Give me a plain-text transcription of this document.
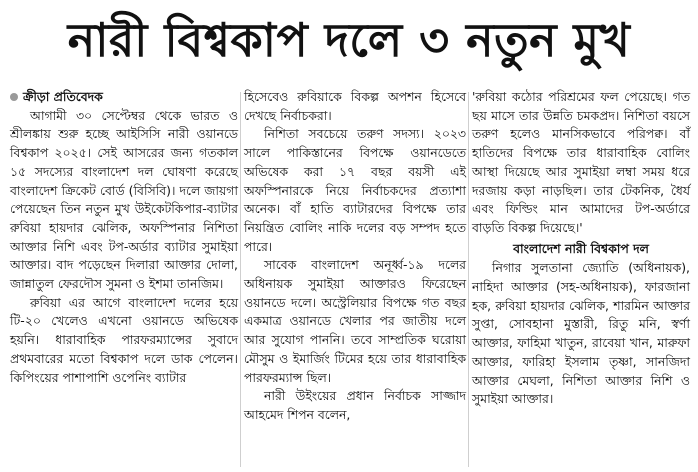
নারী বিশ্বকাপ দলে ৩ নতুন মুখ
ক্রীড়া প্রতিবেদক

আগামী ৩০ সেপ্টেম্বর থেকে ভারত ও শ্রীলঙ্কায় শুরু হচ্ছে আইসিসি নারী ওয়ানডে বিশ্বকাপ ২০২৫। সেই আসরের জন্য গতকাল ১৫ সদস্যের বাংলাদেশ দল ঘোষণা করেছে বাংলাদেশ ক্রিকেট বোর্ড (বিসিবি)। দলে জায়গা পেয়েছেন তিন নতুন মুখ উইকেটকিপার-ব্যাটার রুবিয়া হায়দার ঝেলিক, অফস্পিনার নিশিতা আক্তার নিশি এবং টপ-অর্ডার ব্যাটার সুমাইয়া আক্তার। বাদ পড়েছেন দিলারা আক্তার দোলা, জান্নাতুল ফেরদৌস সুমনা ও ইশমা তানজিম।

রুবিয়া এর আগে বাংলাদেশ দলের হয়ে টি-২০ খেলেও এখনো ওয়ানডে অভিষেক হয়নি। ধারাবাহিক পারফরম্যান্সের সুবাদে প্রথমবারের মতো বিশ্বকাপ দলে ডাক পেলেন। কিপিংয়ের পাশাপাশি ওপেনিং ব্যাটার

হিসেবেও রুবিয়াকে বিকল্প অপশন হিসেবে দেখছে নির্বাচকরা।

নিশিতা সবচেয়ে তরুণ সদস্য। ২০২৩ সালে পাকিস্তানের বিপক্ষে ওয়ানডেতে অভিষেক করা ১৭ বছর বয়সী এই অফস্পিনারকে নিয়ে নির্বাচকদের প্রত্যাশা অনেক। বাঁ হাতি ব্যাটারদের বিপক্ষে তার নিয়ন্ত্রিত বোলিং নাকি দলের বড় সম্পদ হতে পারে।

সাবেক বাংলাদেশ অনূর্ধ্ব-১৯ দলের অধিনায়ক সুমাইয়া আক্তারও ফিরেছেন ওয়ানডে দলে। অস্ট্রেলিয়ার বিপক্ষে গত বছর একমাত্র ওয়ানডে খেলার পর জাতীয় দলে আর সুযোগ পাননি। তবে সাম্প্রতিক ঘরোয়া মৌসুম ও ইমার্জিং টিমের হয়ে তার ধারাবাহিক পারফরম্যান্স ছিল।

নারী উইংয়ের প্রধান নির্বাচক সাজ্জাদ আহমেদ শিপন বলেন,

'রুবিয়া কঠোর পরিশ্রমের ফল পেয়েছে। গত ছয় মাসে তার উন্নতি চমকপ্রদ। নিশিতা বয়সে তরুণ হলেও মানসিকভাবে পরিপক্ব। বাঁ হাতিদের বিপক্ষে তার ধারাবাহিক বোলিং আস্থা দিয়েছে আর সুমাইয়া লম্বা সময় ধরে দরজায় কড়া নাড়ছিল। তার টেকনিক, ধৈর্য এবং ফিল্ডিং মান আমাদের টপ-অর্ডারে বাড়তি বিকল্প দিয়েছে।'

বাংলাদেশ নারী বিশ্বকাপ দল

নিগার সুলতানা জ্যোতি (অধিনায়ক), নাহিদা আক্তার (সহ-অধিনায়ক), ফারজানা হক, রুবিয়া হায়দার ঝেলিক, শারমিন আক্তার সুপ্তা, সোবহানা মুস্তারী, রিতু মনি, স্বর্ণা আক্তার, ফাহিমা খাতুন, রাবেয়া খান, মারুফা আক্তার, ফারিহা ইসলাম তৃষ্ণা, সানজিদা আক্তার মেঘলা, নিশিতা আক্তার নিশি ও সুমাইয়া আক্তার।
